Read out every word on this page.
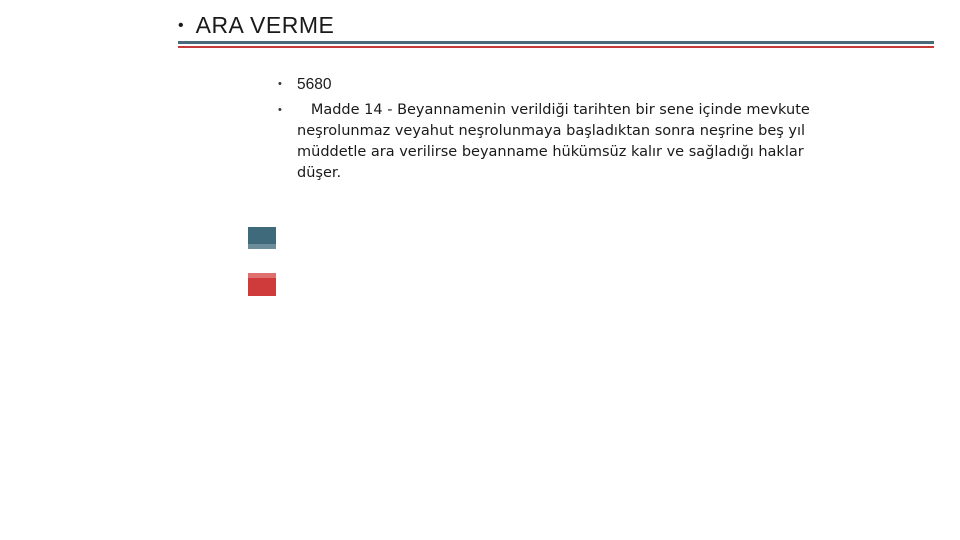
• ARA VERME
• 5680
•	Madde 14 - Beyannamenin verildiği tarihten bir sene içinde mevkute neşrolunmaz veyahut neşrolunmaya başladıktan sonra neşrine beş yıl müddetle ara verilirse beyanname hükümsüz kalır ve sağladığı haklar düşer.
